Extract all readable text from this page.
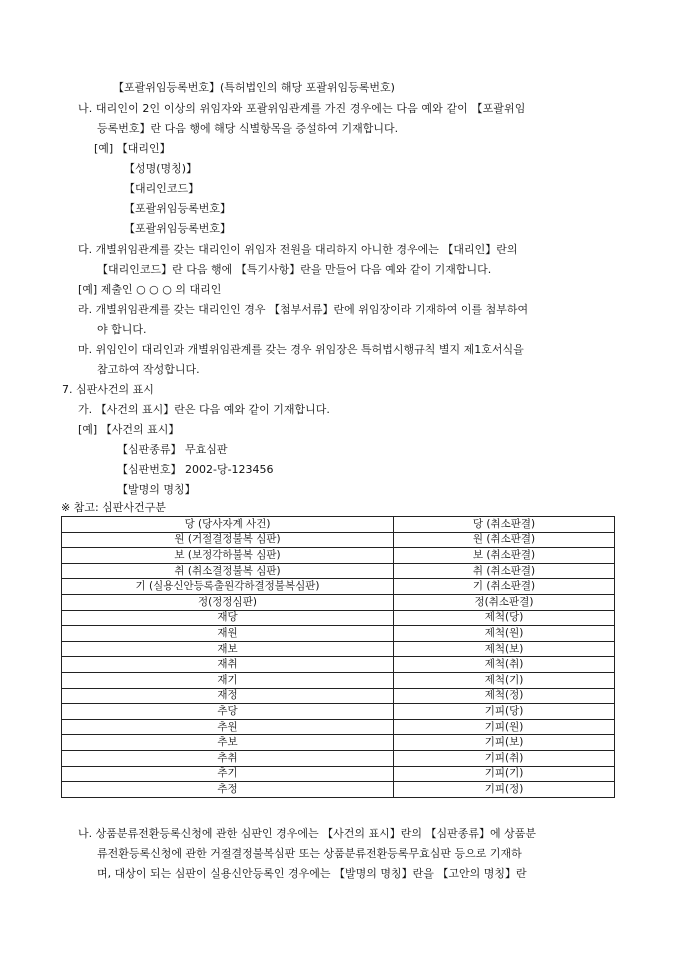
【포괄위임등록번호】(특허법인의 해당 포괄위임등록번호)
나. 대리인이 2인 이상의 위임자와 포괄위임관계를 가진 경우에는 다음 예와 같이 【포괄위임
등록번호】란 다음 행에 해당 식별항목을 증설하여 기재합니다.
[예] 【대리인】
【성명(명칭)】
【대리인코드】
【포괄위임등록번호】
【포괄위임등록번호】
다. 개별위임관계를 갖는 대리인이 위임자 전원을 대리하지 아니한 경우에는 【대리인】란의
【대리인코드】란 다음 행에 【특기사항】란을 만들어 다음 예와 같이 기재합니다.
[예] 제출인 ○ ○ ○ 의 대리인
라. 개별위임관계를 갖는 대리인인 경우 【첨부서류】란에 위임장이라 기재하여 이를 첨부하여
야 합니다.
마. 위임인이 대리인과 개별위임관계를 갖는 경우 위임장은 특허법시행규칙 별지 제1호서식을
참고하여 작성합니다.
7. 심판사건의 표시
가. 【사건의 표시】란은 다음 예와 같이 기재합니다.
[예] 【사건의 표시】
【심판종류】 무효심판
【심판번호】 2002-당-123456
【발명의 명칭】
※ 참고: 심판사건구분
당 (당사자계 사건)	당 (취소판결)
원 (거절결정불복 심판)	원 (취소판결)
보 (보정각하불복 심판)	보 (취소판결)
취 (취소결정불복 심판)	취 (취소판결)
기 (실용신안등록출원각하결정불복심판)	기 (취소판결)
정(정정심판)	정(취소판결)
재당	제척(당)
재원	제척(원)
재보	제척(보)
재취	제척(취)
재기	제척(기)
재정	제척(정)
추당	기피(당)
추원	기피(원)
추보	기피(보)
추취	기피(취)
추기	기피(기)
추정	기피(정)
나. 상품분류전환등록신청에 관한 심판인 경우에는 【사건의 표시】란의 【심판종류】에 상품분
류전환등록신청에 관한 거절결정불복심판 또는 상품분류전환등록무효심판 등으로 기재하
며, 대상이 되는 심판이 실용신안등록인 경우에는 【발명의 명칭】란을 【고안의 명칭】란
